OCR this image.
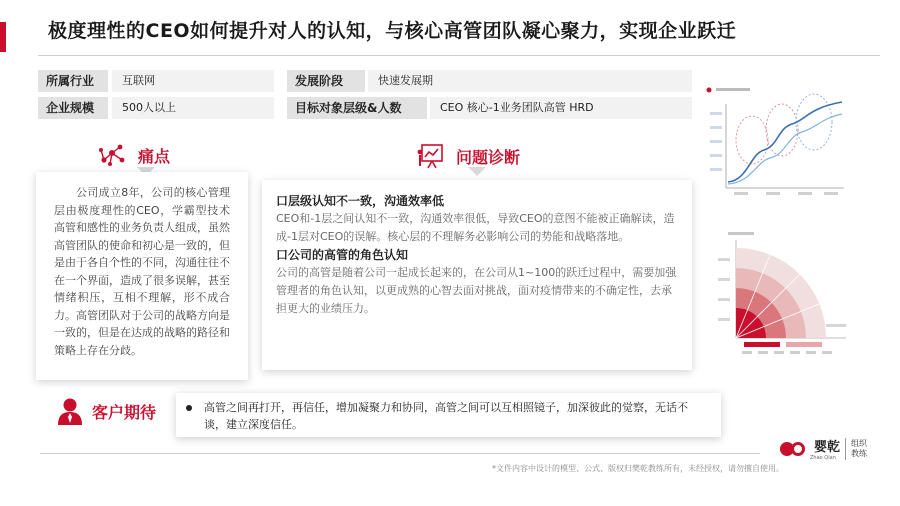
极度理性的CEO如何提升对人的认知，与核心高管团队凝心聚力，实现企业跃迁
所属行业	互联网	发展阶段	快速发展期
企业规模	500人以上	目标对象层级&人数	CEO 核心-1业务团队高管 HRD
痛点
公司成立8年，公司的核心管理层由极度理性的CEO，学霸型技术高管和感性的业务负责人组成，虽然高管团队的使命和初心是一致的，但是由于各自个性的不同，沟通往往不在一个界面，造成了很多误解，甚至情绪积压，互相不理解，形不成合力。高管团队对于公司的战略方向是一致的，但是在达成的战略的路径和策略上存在分歧。
问题诊断
口层级认知不一致，沟通效率低
CEO和-1层之间认知不一致，沟通效率很低，导致CEO的意图不能被正确解读，造成-1层对CEO的误解。核心层的不理解务必影响公司的势能和战略落地。
口公司的高管的角色认知
公司的高管是随着公司一起成长起来的，在公司从1~100的跃迁过程中，需要加强管理者的角色认知，以更成熟的心智去面对挑战，面对疫情带来的不确定性，去承担更大的业绩压力。
客户期待	高管之间再打开，再信任，增加凝聚力和协同，高管之间可以互相照镜子，加深彼此的觉察，无话不谈，建立深度信任。
*文件内容中设计的模型、公式、版权归樊乾教练所有，未经授权，请勿擅自使用。
婴乾
Zhao Qian
组织教练
